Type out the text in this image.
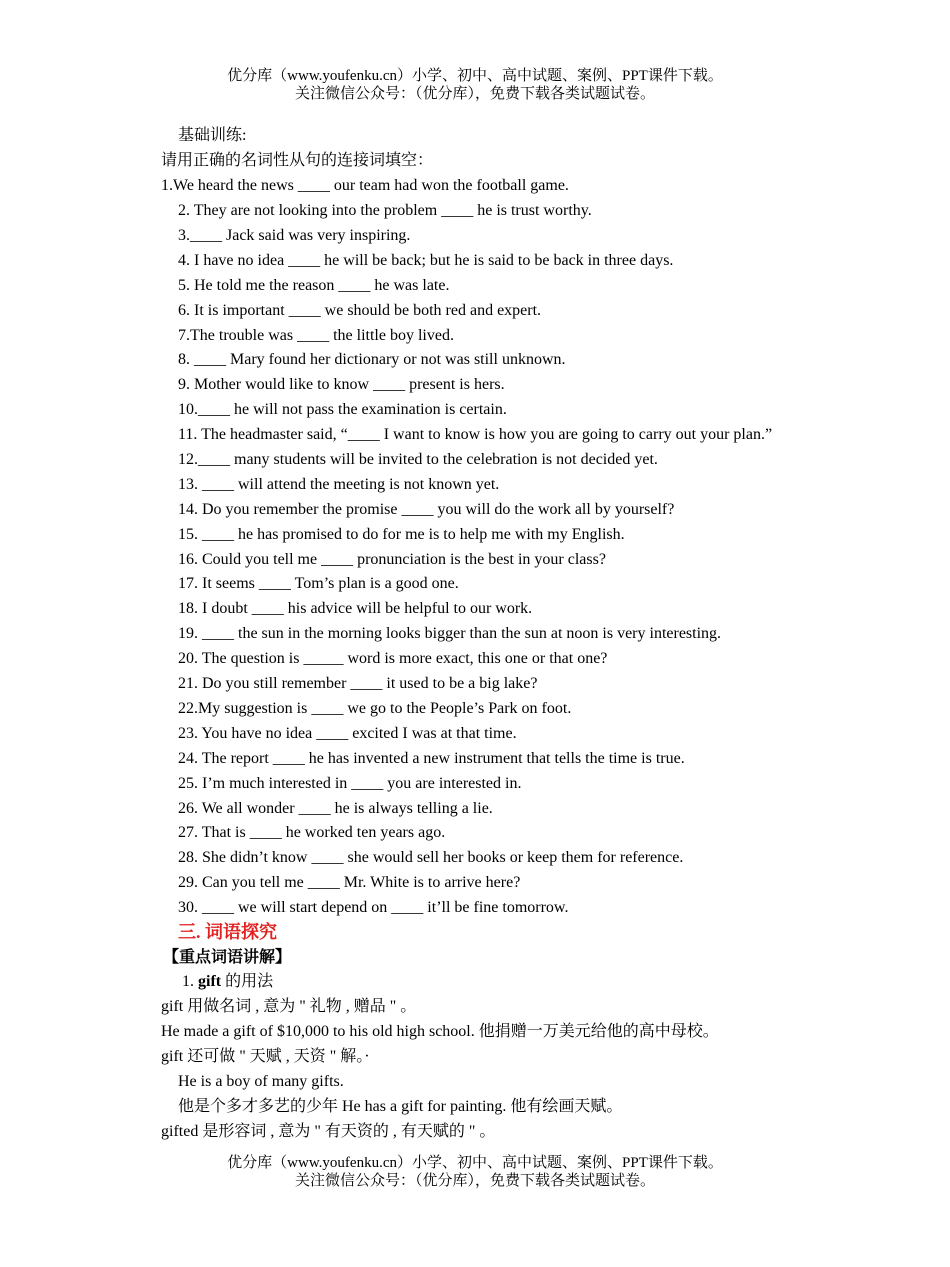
优分库（www.youfenku.cn）小学、初中、高中试题、案例、PPT课件下载。
关注微信公众号：（优分库），免费下载各类试题试卷。
基础训练:
请用正确的名词性从句的连接词填空：
1.We heard the news ____ our team had won the football game.
2. They are not looking into the problem ____ he is trust worthy.
3.____ Jack said was very inspiring.
4. I have no idea ____ he will be back; but he is said to be back in three days.
5. He told me the reason ____ he was late.
6. It is important ____ we should be both red and expert.
7.The trouble was ____ the little boy lived.
8. ____ Mary found her dictionary or not was still unknown.
9. Mother would like to know ____ present is hers.
10.____ he will not pass the examination is certain.
11. The headmaster said, “____ I want to know is how you are going to carry out your plan.”
12.____ many students will be invited to the celebration is not decided yet.
13. ____ will attend the meeting is not known yet.
14. Do you remember the promise ____ you will do the work all by yourself?
15. ____ he has promised to do for me is to help me with my English.
16. Could you tell me ____ pronunciation is the best in your class?
17. It seems ____ Tom’s plan is a good one.
18. I doubt ____ his advice will be helpful to our work.
19. ____ the sun in the morning looks bigger than the sun at noon is very interesting.
20. The question is _____ word is more exact, this one or that one?
21. Do you still remember ____ it used to be a big lake?
22.My suggestion is ____ we go to the People’s Park on foot.
23. You have no idea ____ excited I was at that time.
24. The report ____ he has invented a new instrument that tells the time is true.
25. I’m much interested in ____ you are interested in.
26. We all wonder ____ he is always telling a lie.
27. That is ____ he worked ten years ago.
28. She didn’t know ____ she would sell her books or keep them for reference.
29. Can you tell me ____ Mr. White is to arrive here?
30. ____ we will start depend on ____ it’ll be fine tomorrow.
三. 词语探究
【重点词语讲解】
1. gift 的用法
gift 用做名词 , 意为 " 礼物 , 赠品 " 。
He made a gift of $10,000 to his old high school. 他捐赠一万美元给他的高中母校。
gift 还可做 " 天赋 , 天资 " 解。·
He is a boy of many gifts.
他是个多才多艺的少年 He has a gift for painting. 他有绘画天赋。
gifted 是形容词 , 意为 " 有天资的 , 有天赋的 " 。
优分库（www.youfenku.cn）小学、初中、高中试题、案例、PPT课件下载。
关注微信公众号：（优分库），免费下载各类试题试卷。
